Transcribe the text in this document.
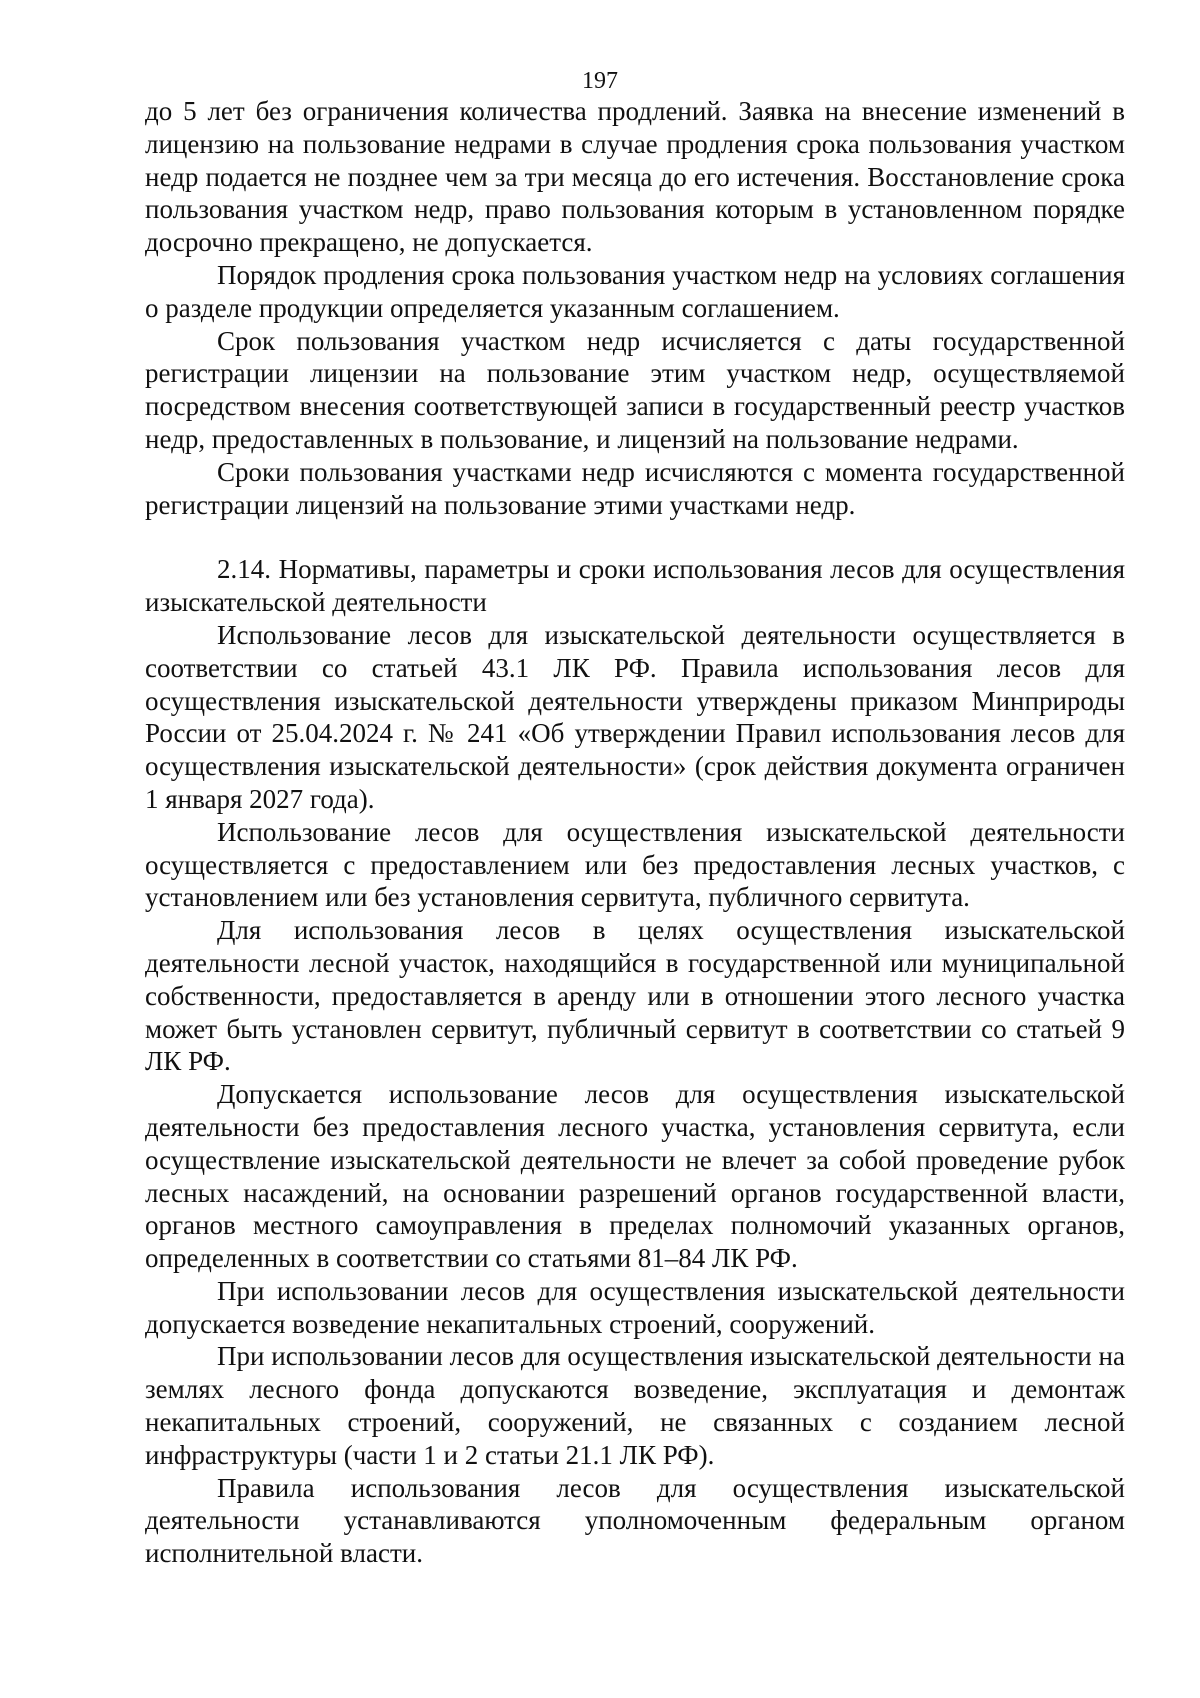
197

до 5 лет без ограничения количества продлений. Заявка на внесение изменений в лицензию на пользование недрами в случае продления срока пользования участком недр подается не позднее чем за три месяца до его истечения. Восстановление срока пользования участком недр, право пользования которым в установленном порядке досрочно прекращено, не допускается.

Порядок продления срока пользования участком недр на условиях соглашения о разделе продукции определяется указанным соглашением.

Срок пользования участком недр исчисляется с даты государственной регистрации лицензии на пользование этим участком недр, осуществляемой посредством внесения соответствующей записи в государственный реестр участков недр, предоставленных в пользование, и лицензий на пользование недрами.

Сроки пользования участками недр исчисляются с момента государственной регистрации лицензий на пользование этими участками недр.

2.14. Нормативы, параметры и сроки использования лесов для осуществления изыскательской деятельности

Использование лесов для изыскательской деятельности осуществляется в соответствии со статьей 43.1 ЛК РФ. Правила использования лесов для осуществления изыскательской деятельности утверждены приказом Минприроды России от 25.04.2024 г. № 241 «Об утверждении Правил использования лесов для осуществления изыскательской деятельности» (срок действия документа ограничен 1 января 2027 года).

Использование лесов для осуществления изыскательской деятельности осуществляется с предоставлением или без предоставления лесных участков, с установлением или без установления сервитута, публичного сервитута.

Для использования лесов в целях осуществления изыскательской деятельности лесной участок, находящийся в государственной или муниципальной собственности, предоставляется в аренду или в отношении этого лесного участка может быть установлен сервитут, публичный сервитут в соответствии со статьей 9 ЛК РФ.

Допускается использование лесов для осуществления изыскательской деятельности без предоставления лесного участка, установления сервитута, если осуществление изыскательской деятельности не влечет за собой проведение рубок лесных насаждений, на основании разрешений органов государственной власти, органов местного самоуправления в пределах полномочий указанных органов, определенных в соответствии со статьями 81–84 ЛК РФ.

При использовании лесов для осуществления изыскательской деятельности допускается возведение некапитальных строений, сооружений.

При использовании лесов для осуществления изыскательской деятельности на землях лесного фонда допускаются возведение, эксплуатация и демонтаж некапитальных строений, сооружений, не связанных с созданием лесной инфраструктуры (части 1 и 2 статьи 21.1 ЛК РФ).

Правила использования лесов для осуществления изыскательской деятельности устанавливаются уполномоченным федеральным органом исполнительной власти.
